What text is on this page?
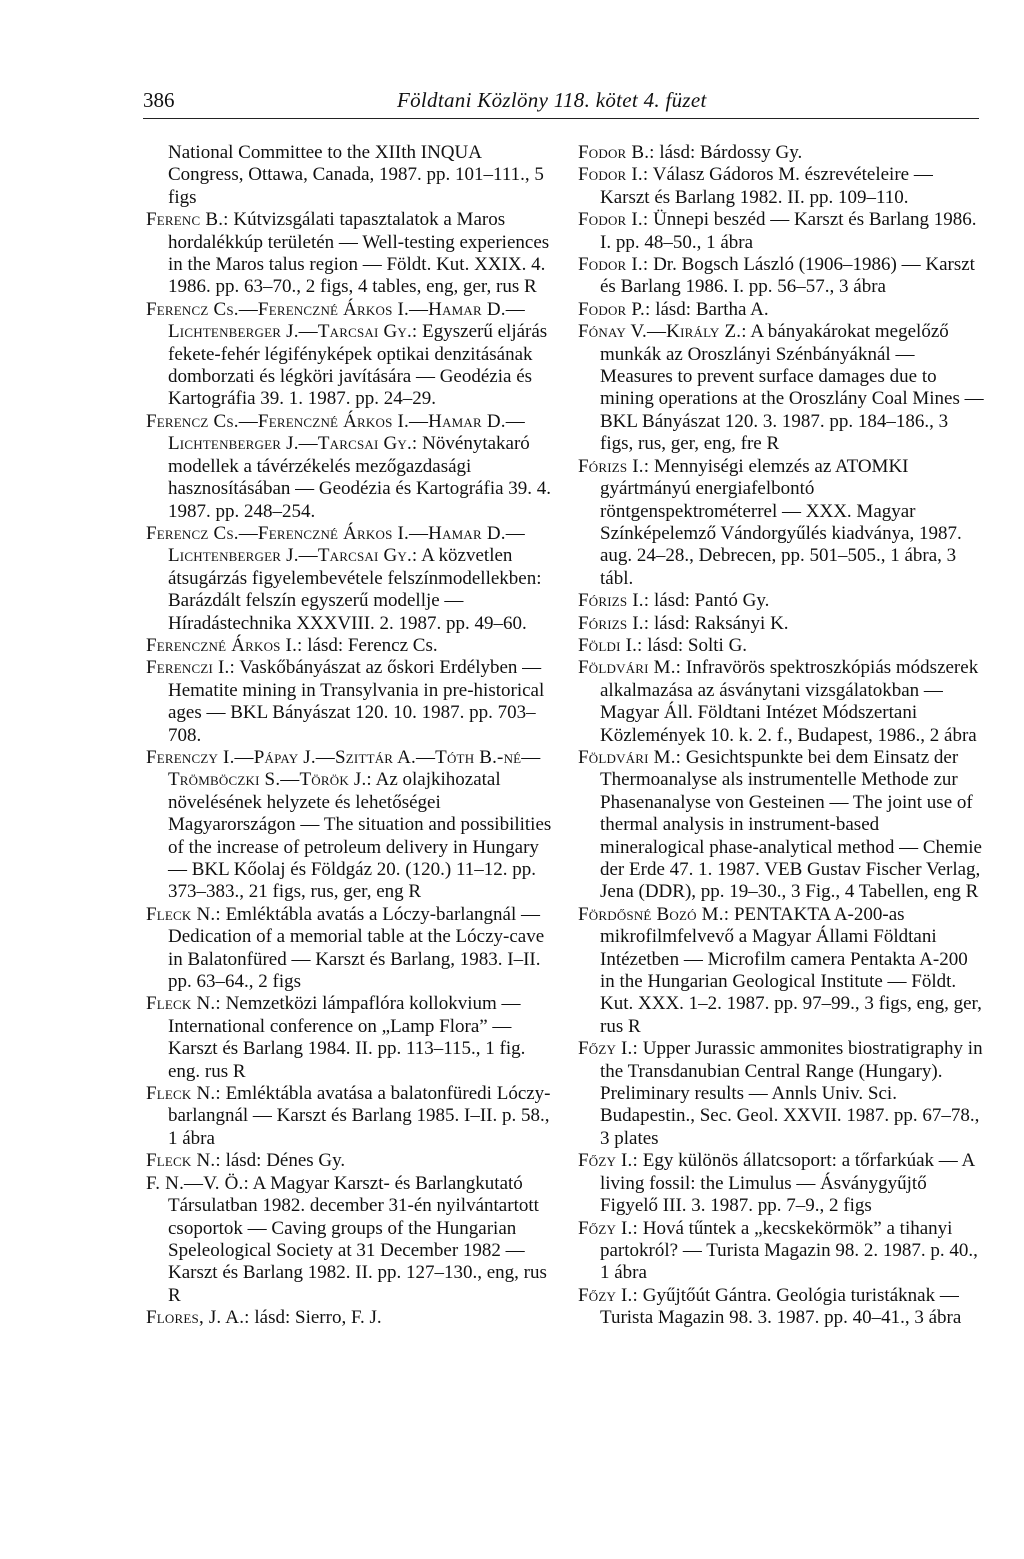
386	Földtani Közlöny 118. kötet 4. füzet

National Committee to the XIIth INQUA Congress, Ottawa, Canada, 1987. pp. 101–111., 5 figs

Ferenc B.: Kútvizsgálati tapasztalatok a Maros hordalékkúp területén — Well-testing experiences in the Maros talus region — Földt. Kut. XXIX. 4. 1986. pp. 63–70., 2 figs, 4 tables, eng, ger, rus R

Ferencz Cs.—Ferenczné Árkos I.—Hamar D.—Lichtenberger J.—Tarcsai Gy.: Egyszerű eljárás fekete-fehér légifényképek optikai denzitásának domborzati és légköri javítására — Geodézia és Kartográfia 39. 1. 1987. pp. 24–29.

Ferencz Cs.—Ferenczné Árkos I.—Hamar D.—Lichtenberger J.—Tarcsai Gy.: Növénytakaró modellek a távérzékelés mezőgazdasági hasznosításában — Geodézia és Kartográfia 39. 4. 1987. pp. 248–254.

Ferencz Cs.—Ferenczné Árkos I.—Hamar D.—Lichtenberger J.—Tarcsai Gy.: A közvetlen átsugárzás figyelembevétele felszínmodellekben: Barázdált felszín egyszerű modellje — Híradástechnika XXXVIII. 2. 1987. pp. 49–60.

Ferenczné Árkos I.: lásd: Ferencz Cs.

Ferenczi I.: Vaskőbányászat az őskori Erdélyben — Hematite mining in Transylvania in pre-historical ages — BKL Bányászat 120. 10. 1987. pp. 703–708.

Ferenczy I.—Pápay J.—Szittár A.—Tóth B.-né—Trömböczki S.—Török J.: Az olajkihozatal növelésének helyzete és lehetőségei Magyarországon — The situation and possibilities of the increase of petroleum delivery in Hungary — BKL Kőolaj és Földgáz 20. (120.) 11–12. pp. 373–383., 21 figs, rus, ger, eng R

Fleck N.: Emléktábla avatás a Lóczy-barlangnál — Dedication of a memorial table at the Lóczy-cave in Balatonfüred — Karszt és Barlang, 1983. I–II. pp. 63–64., 2 figs

Fleck N.: Nemzetközi lámpaflóra kollokvium — International conference on „Lamp Flora” — Karszt és Barlang 1984. II. pp. 113–115., 1 fig. eng. rus R

Fleck N.: Emléktábla avatása a balatonfüredi Lóczy-barlangnál — Karszt és Barlang 1985. I–II. p. 58., 1 ábra

Fleck N.: lásd: Dénes Gy.

F. N.—V. Ö.: A Magyar Karszt- és Barlangkutató Társulatban 1982. december 31-én nyilvántartott csoportok — Caving groups of the Hungarian Speleological Society at 31 December 1982 — Karszt és Barlang 1982. II. pp. 127–130., eng, rus R

Flores, J. A.: lásd: Sierro, F. J.

Fodor B.: lásd: Bárdossy Gy.

Fodor I.: Válasz Gádoros M. észrevételeire — Karszt és Barlang 1982. II. pp. 109–110.

Fodor I.: Ünnepi beszéd — Karszt és Barlang 1986. I. pp. 48–50., 1 ábra

Fodor I.: Dr. Bogsch László (1906–1986) — Karszt és Barlang 1986. I. pp. 56–57., 3 ábra

Fodor P.: lásd: Bartha A.

Fónay V.—Király Z.: A bányakárokat megelőző munkák az Oroszlányi Szénbányáknál — Measures to prevent surface damages due to mining operations at the Oroszlány Coal Mines — BKL Bányászat 120. 3. 1987. pp. 184–186., 3 figs, rus, ger, eng, fre R

Fórizs I.: Mennyiségi elemzés az ATOMKI gyártmányú energiafelbontó röntgenspektrométerrel — XXX. Magyar Színképelemző Vándorgyűlés kiadványa, 1987. aug. 24–28., Debrecen, pp. 501–505., 1 ábra, 3 tábl.

Fórizs I.: lásd: Pantó Gy.

Fórizs I.: lásd: Raksányi K.

Földi I.: lásd: Solti G.

Földvári M.: Infravörös spektroszkópiás módszerek alkalmazása az ásványtani vizsgálatokban — Magyar Áll. Földtani Intézet Módszertani Közlemények 10. k. 2. f., Budapest, 1986., 2 ábra

Földvári M.: Gesichtspunkte bei dem Einsatz der Thermoanalyse als instrumentelle Methode zur Phasenanalyse von Gesteinen — The joint use of thermal analysis in instrument-based mineralogical phase-analytical method — Chemie der Erde 47. 1. 1987. VEB Gustav Fischer Verlag, Jena (DDR), pp. 19–30., 3 Fig., 4 Tabellen, eng R

Fördősné Bozó M.: PENTAKTA A-200-as mikrofilmfelvevő a Magyar Állami Földtani Intézetben — Microfilm camera Pentakta A-200 in the Hungarian Geological Institute — Földt. Kut. XXX. 1–2. 1987. pp. 97–99., 3 figs, eng, ger, rus R

Főzy I.: Upper Jurassic ammonites biostratigraphy in the Transdanubian Central Range (Hungary). Preliminary results — Annls Univ. Sci. Budapestin., Sec. Geol. XXVII. 1987. pp. 67–78., 3 plates

Főzy I.: Egy különös állatcsoport: a tőrfarkúak — A living fossil: the Limulus — Ásványgyűjtő Figyelő III. 3. 1987. pp. 7–9., 2 figs

Főzy I.: Hová tűntek a „kecskekörmök” a tihanyi partokról? — Turista Magazin 98. 2. 1987. p. 40., 1 ábra

Főzy I.: Gyűjtőút Gántra. Geológia turistáknak — Turista Magazin 98. 3. 1987. pp. 40–41., 3 ábra
